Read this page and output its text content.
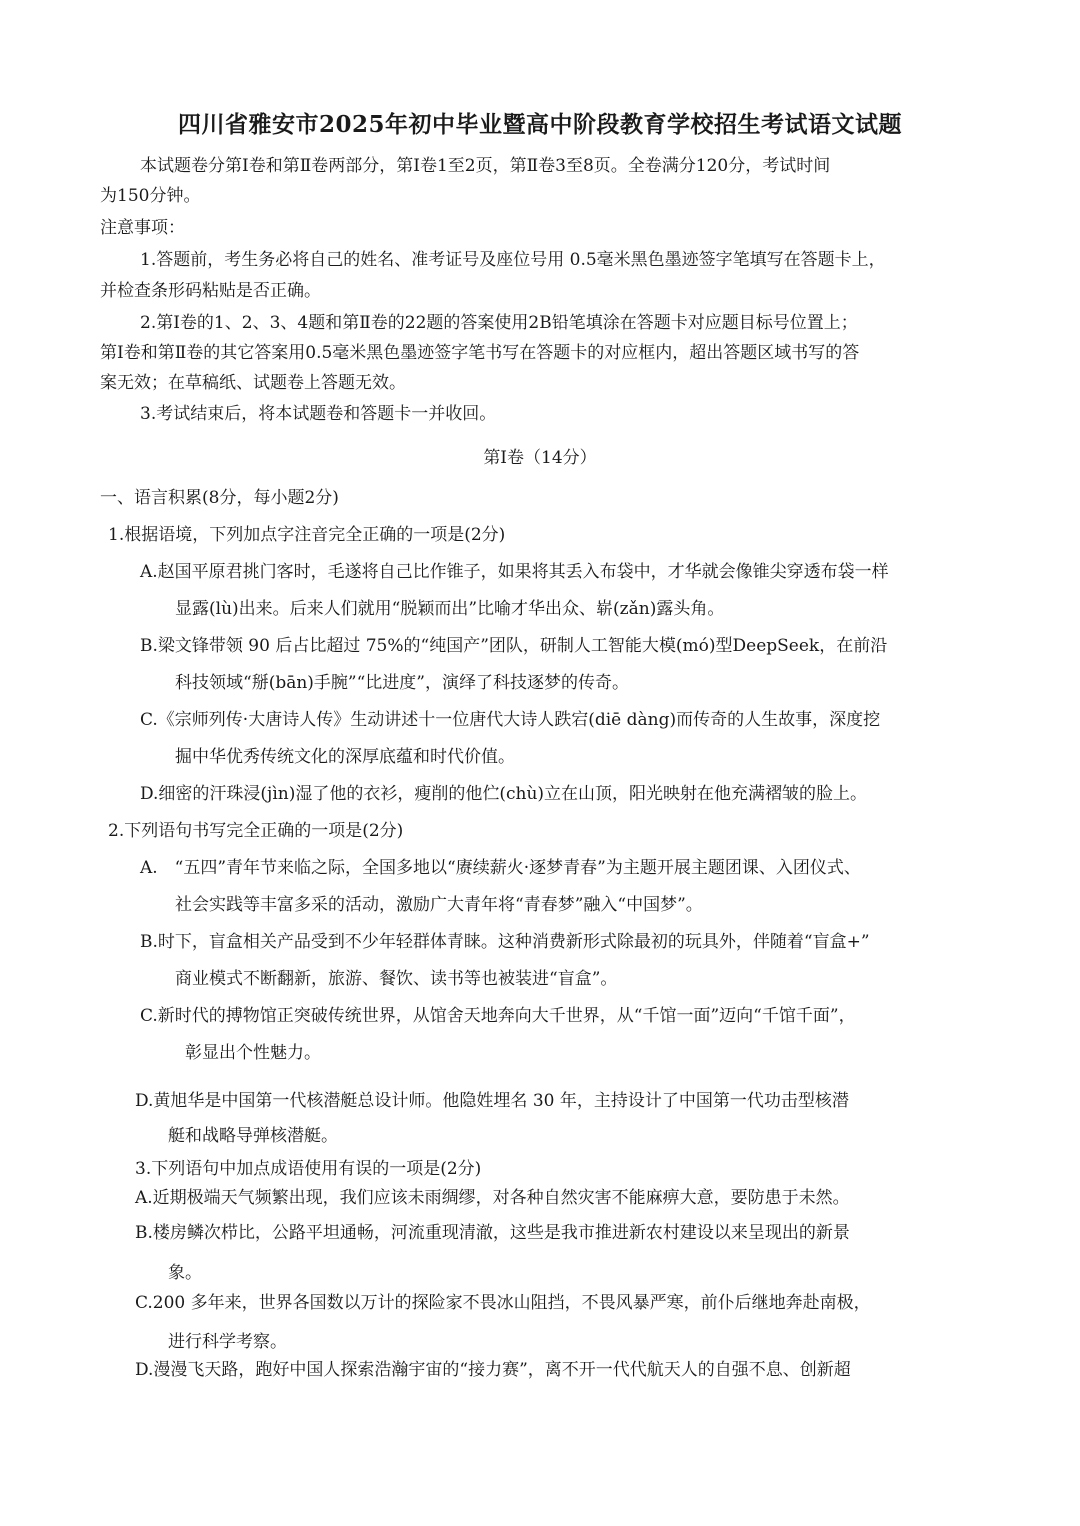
四川省雅安市2025年初中毕业暨高中阶段教育学校招生考试语文试题
本试题卷分第Ⅰ卷和第Ⅱ卷两部分，第Ⅰ卷1至2页，第Ⅱ卷3至8页。全卷满分120分，考试时间
为150分钟。
注意事项：
1.答题前，考生务必将自己的姓名、准考证号及座位号用 0.5毫米黑色墨迹签字笔填写在答题卡上，
并检查条形码粘贴是否正确。
2.第Ⅰ卷的1、2、3、4题和第Ⅱ卷的22题的答案使用2B铅笔填涂在答题卡对应题目标号位置上；
第Ⅰ卷和第Ⅱ卷的其它答案用0.5毫米黑色墨迹签字笔书写在答题卡的对应框内，超出答题区域书写的答
案无效；在草稿纸、试题卷上答题无效。
3.考试结束后，将本试题卷和答题卡一并收回。
第Ⅰ卷（14分）
一、语言积累(8分，每小题2分)
1.根据语境，下列加点字注音完全正确的一项是(2分)
A.赵国平原君挑门客时，毛遂将自己比作锥子，如果将其丢入布袋中，才华就会像锥尖穿透布袋一样
显露(lù)出来。后来人们就用“脱颖而出”比喻才华出众、崭(zǎn)露头角。
B.梁文锋带领 90 后占比超过 75%的“纯国产”团队，研制人工智能大模(mó)型DeepSeek，在前沿
科技领域“掰(bān)手腕”“比进度”，演绎了科技逐梦的传奇。
C.《宗师列传·大唐诗人传》生动讲述十一位唐代大诗人跌宕(diē dàng)而传奇的人生故事，深度挖
掘中华优秀传统文化的深厚底蕴和时代价值。
D.细密的汗珠浸(jìn)湿了他的衣衫，瘦削的他伫(chù)立在山顶，阳光映射在他充满褶皱的脸上。
2.下列语句书写完全正确的一项是(2分)
A.　“五四”青年节来临之际，全国多地以“赓续薪火·逐梦青春”为主题开展主题团课、入团仪式、
社会实践等丰富多采的活动，激励广大青年将“青春梦”融入“中国梦”。
B.时下，盲盒相关产品受到不少年轻群体青睐。这种消费新形式除最初的玩具外，伴随着“盲盒+”
商业模式不断翻新，旅游、餐饮、读书等也被装进“盲盒”。
C.新时代的搏物馆正突破传统世界，从馆舍天地奔向大千世界，从“千馆一面”迈向“千馆千面”，
彰显出个性魅力。
D.黄旭华是中国第一代核潜艇总设计师。他隐姓埋名 30 年，主持设计了中国第一代功击型核潜
艇和战略导弹核潜艇。
3.下列语句中加点成语使用有误的一项是(2分)
A.近期极端天气频繁出现，我们应该未雨绸缪，对各种自然灾害不能麻痹大意，要防患于未然。
B.楼房鳞次栉比，公路平坦通畅，河流重现清澈，这些是我市推进新农村建设以来呈现出的新景
象。
C.200 多年来，世界各国数以万计的探险家不畏冰山阻挡，不畏风暴严寒，前仆后继地奔赴南极，
进行科学考察。
D.漫漫飞天路，跑好中国人探索浩瀚宇宙的“接力赛”，离不开一代代航天人的自强不息、创新超
